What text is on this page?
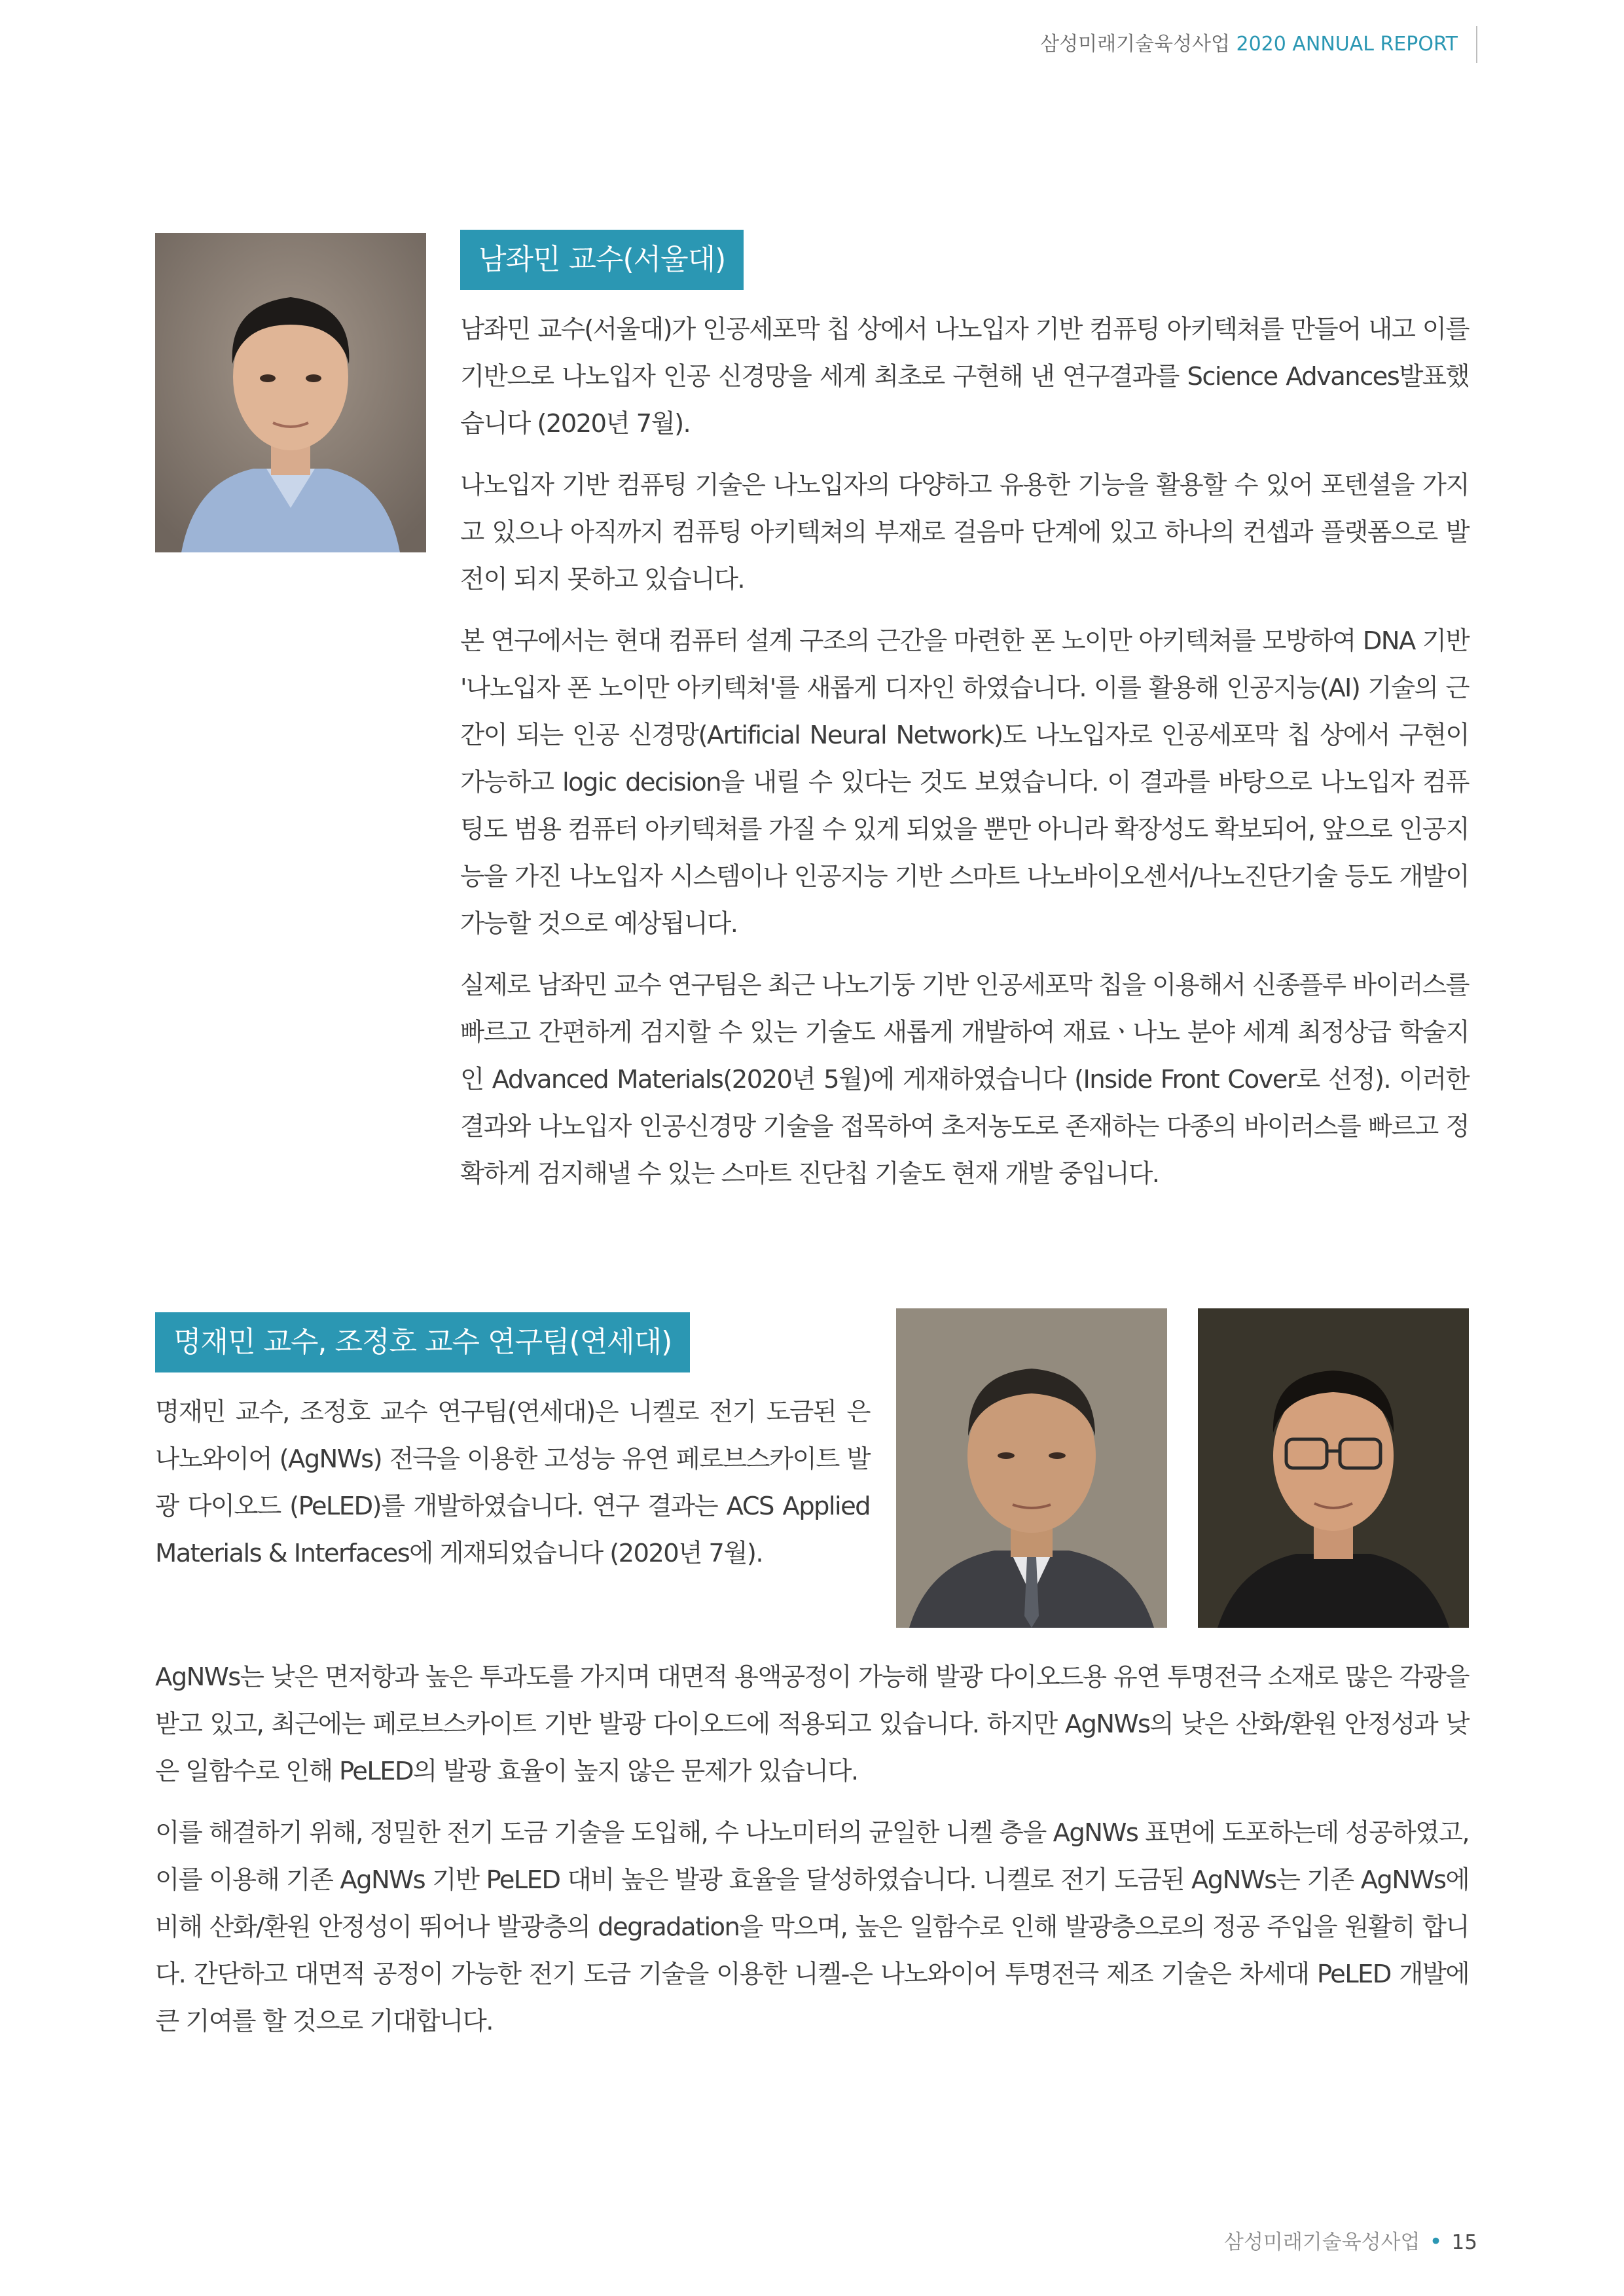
삼성미래기술육성사업 2020 ANNUAL REPORT
남좌민 교수(서울대)

남좌민 교수(서울대)가 인공세포막 칩 상에서 나노입자 기반 컴퓨팅 아키텍쳐를 만들어 내고 이를 기반으로 나노입자 인공 신경망을 세계 최초로 구현해 낸 연구결과를 Science Advances발표했습니다 (2020년 7월).

나노입자 기반 컴퓨팅 기술은 나노입자의 다양하고 유용한 기능을 활용할 수 있어 포텐셜을 가지고 있으나 아직까지 컴퓨팅 아키텍쳐의 부재로 걸음마 단계에 있고 하나의 컨셉과 플랫폼으로 발전이 되지 못하고 있습니다.

본 연구에서는 현대 컴퓨터 설계 구조의 근간을 마련한 폰 노이만 아키텍쳐를 모방하여 DNA 기반 '나노입자 폰 노이만 아키텍쳐'를 새롭게 디자인 하였습니다. 이를 활용해 인공지능(AI) 기술의 근간이 되는 인공 신경망(Artificial Neural Network)도 나노입자로 인공세포막 칩 상에서 구현이 가능하고 logic decision을 내릴 수 있다는 것도 보였습니다. 이 결과를 바탕으로 나노입자 컴퓨팅도 범용 컴퓨터 아키텍쳐를 가질 수 있게 되었을 뿐만 아니라 확장성도 확보되어, 앞으로 인공지능을 가진 나노입자 시스템이나 인공지능 기반 스마트 나노바이오센서/나노진단기술 등도 개발이 가능할 것으로 예상됩니다.

실제로 남좌민 교수 연구팀은 최근 나노기둥 기반 인공세포막 칩을 이용해서 신종플루 바이러스를 빠르고 간편하게 검지할 수 있는 기술도 새롭게 개발하여 재료ㆍ나노 분야 세계 최정상급 학술지인 Advanced Materials(2020년 5월)에 게재하였습니다 (Inside Front Cover로 선정). 이러한 결과와 나노입자 인공신경망 기술을 접목하여 초저농도로 존재하는 다종의 바이러스를 빠르고 정확하게 검지해낼 수 있는 스마트 진단칩 기술도 현재 개발 중입니다.

명재민 교수, 조정호 교수 연구팀(연세대)

명재민 교수, 조정호 교수 연구팀(연세대)은 니켈로 전기 도금된 은 나노와이어 (AgNWs) 전극을 이용한 고성능 유연 페로브스카이트 발광 다이오드 (PeLED)를 개발하였습니다. 연구 결과는 ACS Applied Materials & Interfaces에 게재되었습니다 (2020년 7월).

AgNWs는 낮은 면저항과 높은 투과도를 가지며 대면적 용액공정이 가능해 발광 다이오드용 유연 투명전극 소재로 많은 각광을 받고 있고, 최근에는 페로브스카이트 기반 발광 다이오드에 적용되고 있습니다. 하지만 AgNWs의 낮은 산화/환원 안정성과 낮은 일함수로 인해 PeLED의 발광 효율이 높지 않은 문제가 있습니다.

이를 해결하기 위해, 정밀한 전기 도금 기술을 도입해, 수 나노미터의 균일한 니켈 층을 AgNWs 표면에 도포하는데 성공하였고, 이를 이용해 기존 AgNWs 기반 PeLED 대비 높은 발광 효율을 달성하였습니다. 니켈로 전기 도금된 AgNWs는 기존 AgNWs에 비해 산화/환원 안정성이 뛰어나 발광층의 degradation을 막으며, 높은 일함수로 인해 발광층으로의 정공 주입을 원활히 합니다. 간단하고 대면적 공정이 가능한 전기 도금 기술을 이용한 니켈-은 나노와이어 투명전극 제조 기술은 차세대 PeLED 개발에 큰 기여를 할 것으로 기대합니다.

삼성미래기술육성사업 • 15
